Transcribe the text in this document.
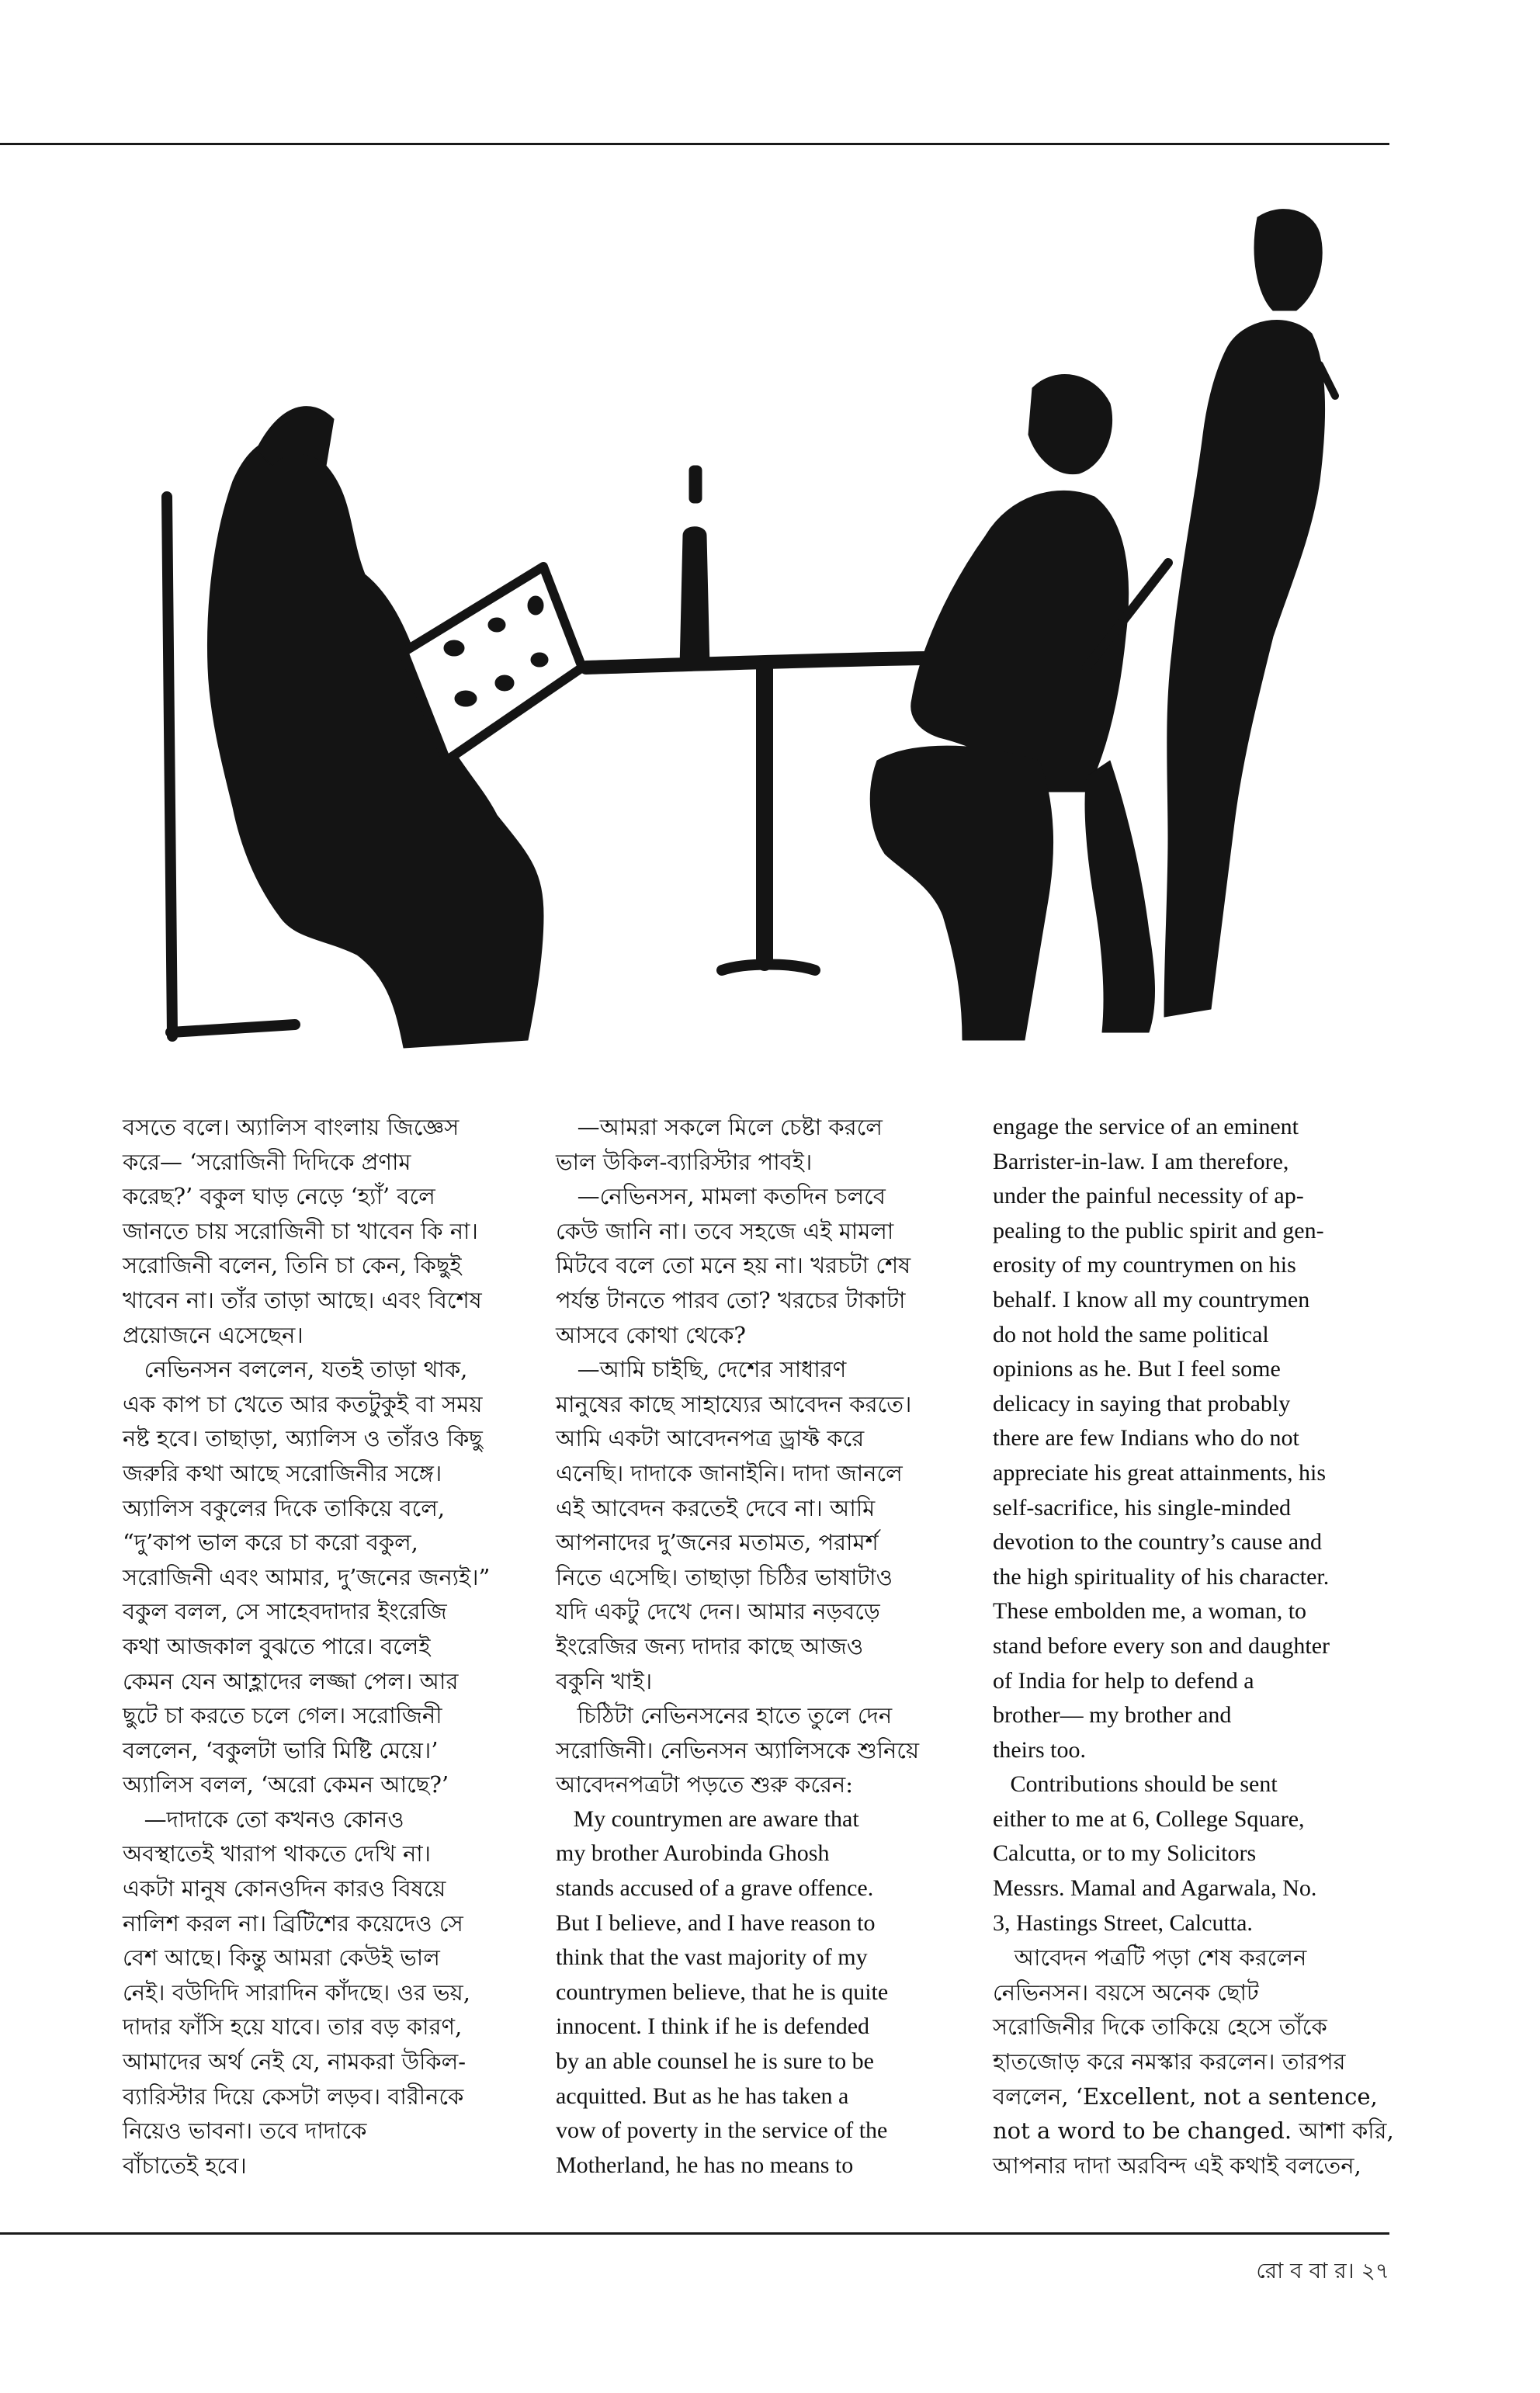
বসতে বলে। অ্যালিস বাংলায় জিজ্ঞেস

করে— ‘সরোজিনী দিদিকে প্রণাম

করেছ?’ বকুল ঘাড় নেড়ে ‘হ্যাঁ’ বলে

জানতে চায় সরোজিনী চা খাবেন কি না।

সরোজিনী বলেন, তিনি চা কেন, কিছুই

খাবেন না। তাঁর তাড়া আছে। এবং বিশেষ

প্রয়োজনে এসেছেন।

নেভিনসন বললেন, যতই তাড়া থাক,

এক কাপ চা খেতে আর কতটুকুই বা সময়

নষ্ট হবে। তাছাড়া, অ্যালিস ও তাঁরও কিছু

জরুরি কথা আছে সরোজিনীর সঙ্গে।

অ্যালিস বকুলের দিকে তাকিয়ে বলে,

“দু’কাপ ভাল করে চা করো বকুল,

সরোজিনী এবং আমার, দু’জনের জন্যই।”

বকুল বলল, সে সাহেবদাদার ইংরেজি

কথা আজকাল বুঝতে পারে। বলেই

কেমন যেন আহ্লাদের লজ্জা পেল। আর

ছুটে চা করতে চলে গেল। সরোজিনী

বললেন, ‘বকুলটা ভারি মিষ্টি মেয়ে।’

অ্যালিস বলল, ‘অরো কেমন আছে?’

—দাদাকে তো কখনও কোনও

অবস্থাতেই খারাপ থাকতে দেখি না।

একটা মানুষ কোনওদিন কারও বিষয়ে

নালিশ করল না। ব্রিটিশের কয়েদেও সে

বেশ আছে। কিন্তু আমরা কেউই ভাল

নেই। বউদিদি সারাদিন কাঁদছে। ওর ভয়,

দাদার ফাঁসি হয়ে যাবে। তার বড় কারণ,

আমাদের অর্থ নেই যে, নামকরা উকিল-

ব্যারিস্টার দিয়ে কেসটা লড়ব। বারীনকে

নিয়েও ভাবনা। তবে দাদাকে

বাঁচাতেই হবে।

—আমরা সকলে মিলে চেষ্টা করলে

ভাল উকিল-ব্যারিস্টার পাবই।

—নেভিনসন, মামলা কতদিন চলবে

কেউ জানি না। তবে সহজে এই মামলা

মিটবে বলে তো মনে হয় না। খরচটা শেষ

পর্যন্ত টানতে পারব তো? খরচের টাকাটা

আসবে কোথা থেকে?

—আমি চাইছি, দেশের সাধারণ

মানুষের কাছে সাহায্যের আবেদন করতে।

আমি একটা আবেদনপত্র ড্রাফ্ট করে

এনেছি। দাদাকে জানাইনি। দাদা জানলে

এই আবেদন করতেই দেবে না। আমি

আপনাদের দু’জনের মতামত, পরামর্শ

নিতে এসেছি। তাছাড়া চিঠির ভাষাটাও

যদি একটু দেখে দেন। আমার নড়বড়ে

ইংরেজির জন্য দাদার কাছে আজও

বকুনি খাই।

চিঠিটা নেভিনসনের হাতে তুলে দেন

সরোজিনী। নেভিনসন অ্যালিসকে শুনিয়ে

আবেদনপত্রটা পড়তে শুরু করেন:

My countrymen are aware that

my brother Aurobinda Ghosh

stands accused of a grave offence.

But I believe, and I have reason to

think that the vast majority of my

countrymen believe, that he is quite

innocent. I think if he is defended

by an able counsel he is sure to be

acquitted. But as he has taken a

vow of poverty in the service of the

Motherland, he has no means to

engage the service of an eminent

Barrister-in-law. I am therefore,

under the painful necessity of ap-

pealing to the public spirit and gen-

erosity of my countrymen on his

behalf. I know all my countrymen

do not hold the same political

opinions as he. But I feel some

delicacy in saying that probably

there are few Indians who do not

appreciate his great attainments, his

self-sacrifice, his single-minded

devotion to the country’s cause and

the high spirituality of his character.

These embolden me, a woman, to

stand before every son and daughter

of India for help to defend a

brother— my brother and

theirs too.

Contributions should be sent

either to me at 6, College Square,

Calcutta, or to my Solicitors

Messrs. Mamal and Agarwala, No.

3, Hastings Street, Calcutta.

আবেদন পত্রটি পড়া শেষ করলেন

নেভিনসন। বয়সে অনেক ছোট

সরোজিনীর দিকে তাকিয়ে হেসে তাঁকে

হাতজোড় করে নমস্কার করলেন। তারপর

বললেন, ‘Excellent, not a sentence,

not a word to be changed. আশা করি,

আপনার দাদা অরবিন্দ এই কথাই বলতেন,

রো ব বা র। ২৭
